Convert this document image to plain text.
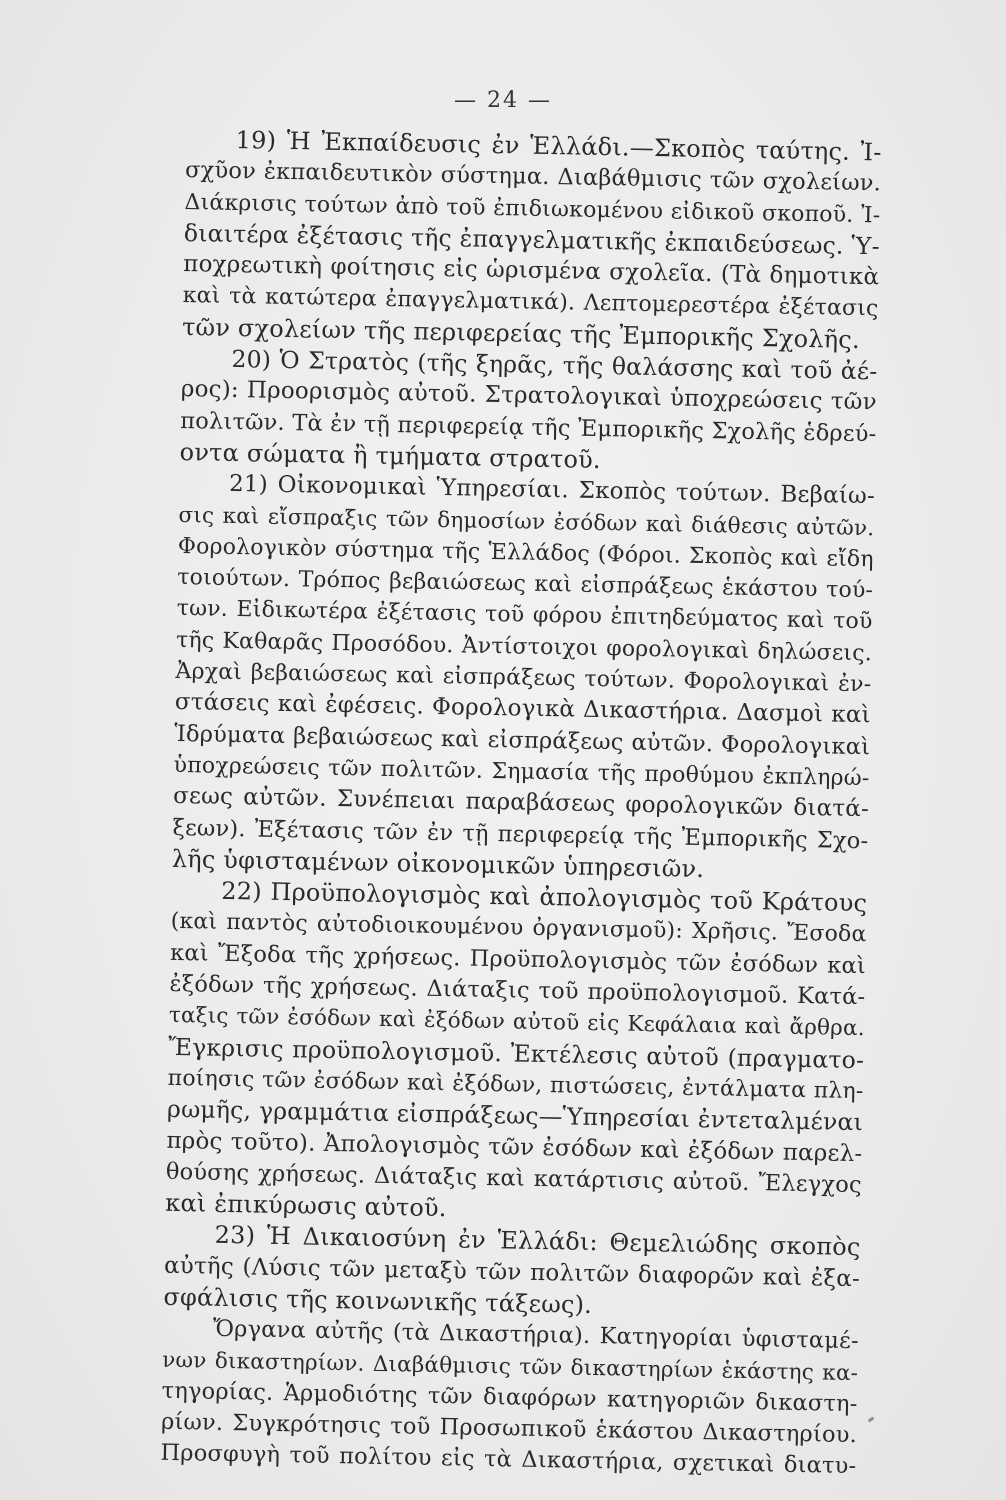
— 24 —
19) Ἡ Ἐκπαίδευσις ἐν Ἑλλάδι.—Σκοπὸς ταύτης. Ἰ-
σχῦον ἐκπαιδευτικὸν σύστημα. Διαβάθμισις τῶν σχολείων.
Διάκρισις τούτων ἀπὸ τοῦ ἐπιδιωκομένου εἰδικοῦ σκοποῦ. Ἰ-
διαιτέρα ἐξέτασις τῆς ἐπαγγελματικῆς ἐκπαιδεύσεως. Ὑ-
ποχρεωτικὴ φοίτησις εἰς ὡρισμένα σχολεῖα. (Τὰ δημοτικὰ
καὶ τὰ κατώτερα ἐπαγγελματικά). Λεπτομερεστέρα ἐξέτασις
τῶν σχολείων τῆς περιφερείας τῆς Ἐμπορικῆς Σχολῆς.
20) Ὁ Στρατὸς (τῆς ξηρᾶς, τῆς θαλάσσης καὶ τοῦ ἀέ-
ρος): Προορισμὸς αὐτοῦ. Στρατολογικαὶ ὑποχρεώσεις τῶν
πολιτῶν. Τὰ ἐν τῇ περιφερείᾳ τῆς Ἐμπορικῆς Σχολῆς ἑδρεύ-
οντα σώματα ἢ τμήματα στρατοῦ.
21) Οἰκονομικαὶ Ὑπηρεσίαι. Σκοπὸς τούτων. Βεβαίω-
σις καὶ εἴσπραξις τῶν δημοσίων ἐσόδων καὶ διάθεσις αὐτῶν.
Φορολογικὸν σύστημα τῆς Ἑλλάδος (Φόροι. Σκοπὸς καὶ εἴδη
τοιούτων. Τρόπος βεβαιώσεως καὶ εἰσπράξεως ἑκάστου τού-
των. Εἰδικωτέρα ἐξέτασις τοῦ φόρου ἐπιτηδεύματος καὶ τοῦ
τῆς Καθαρᾶς Προσόδου. Ἀντίστοιχοι φορολογικαὶ δηλώσεις.
Ἀρχαὶ βεβαιώσεως καὶ εἰσπράξεως τούτων. Φορολογικαὶ ἐν-
στάσεις καὶ ἐφέσεις. Φορολογικὰ Δικαστήρια. Δασμοὶ καὶ
Ἱδρύματα βεβαιώσεως καὶ εἰσπράξεως αὐτῶν. Φορολογικαὶ
ὑποχρεώσεις τῶν πολιτῶν. Σημασία τῆς προθύμου ἐκπληρώ-
σεως αὐτῶν. Συνέπειαι παραβάσεως φορολογικῶν διατά-
ξεων). Ἐξέτασις τῶν ἐν τῇ περιφερείᾳ τῆς Ἐμπορικῆς Σχο-
λῆς ὑφισταμένων οἰκονομικῶν ὑπηρεσιῶν.
22) Προϋπολογισμὸς καὶ ἀπολογισμὸς τοῦ Κράτους
(καὶ παντὸς αὐτοδιοικουμένου ὀργανισμοῦ): Χρῆσις. Ἔσοδα
καὶ Ἔξοδα τῆς χρήσεως. Προϋπολογισμὸς τῶν ἐσόδων καὶ
ἐξόδων τῆς χρήσεως. Διάταξις τοῦ προϋπολογισμοῦ. Κατά-
ταξις τῶν ἐσόδων καὶ ἐξόδων αὐτοῦ εἰς Κεφάλαια καὶ ἄρθρα.
Ἔγκρισις προϋπολογισμοῦ. Ἐκτέλεσις αὐτοῦ (πραγματο-
ποίησις τῶν ἐσόδων καὶ ἐξόδων, πιστώσεις, ἐντάλματα πλη-
ρωμῆς, γραμμάτια εἰσπράξεως—Ὑπηρεσίαι ἐντεταλμέναι
πρὸς τοῦτο). Ἀπολογισμὸς τῶν ἐσόδων καὶ ἐξόδων παρελ-
θούσης χρήσεως. Διάταξις καὶ κατάρτισις αὐτοῦ. Ἔλεγχος
καὶ ἐπικύρωσις αὐτοῦ.
23) Ἡ Δικαιοσύνη ἐν Ἑλλάδι: Θεμελιώδης σκοπὸς
αὐτῆς (Λύσις τῶν μεταξὺ τῶν πολιτῶν διαφορῶν καὶ ἐξα-
σφάλισις τῆς κοινωνικῆς τάξεως).
Ὄργανα αὐτῆς (τὰ Δικαστήρια). Κατηγορίαι ὑφισταμέ-
νων δικαστηρίων. Διαβάθμισις τῶν δικαστηρίων ἑκάστης κα-
τηγορίας. Ἁρμοδιότης τῶν διαφόρων κατηγοριῶν δικαστη-
ρίων. Συγκρότησις τοῦ Προσωπικοῦ ἑκάστου Δικαστηρίου.
Προσφυγὴ τοῦ πολίτου εἰς τὰ Δικαστήρια, σχετικαὶ διατυ-
